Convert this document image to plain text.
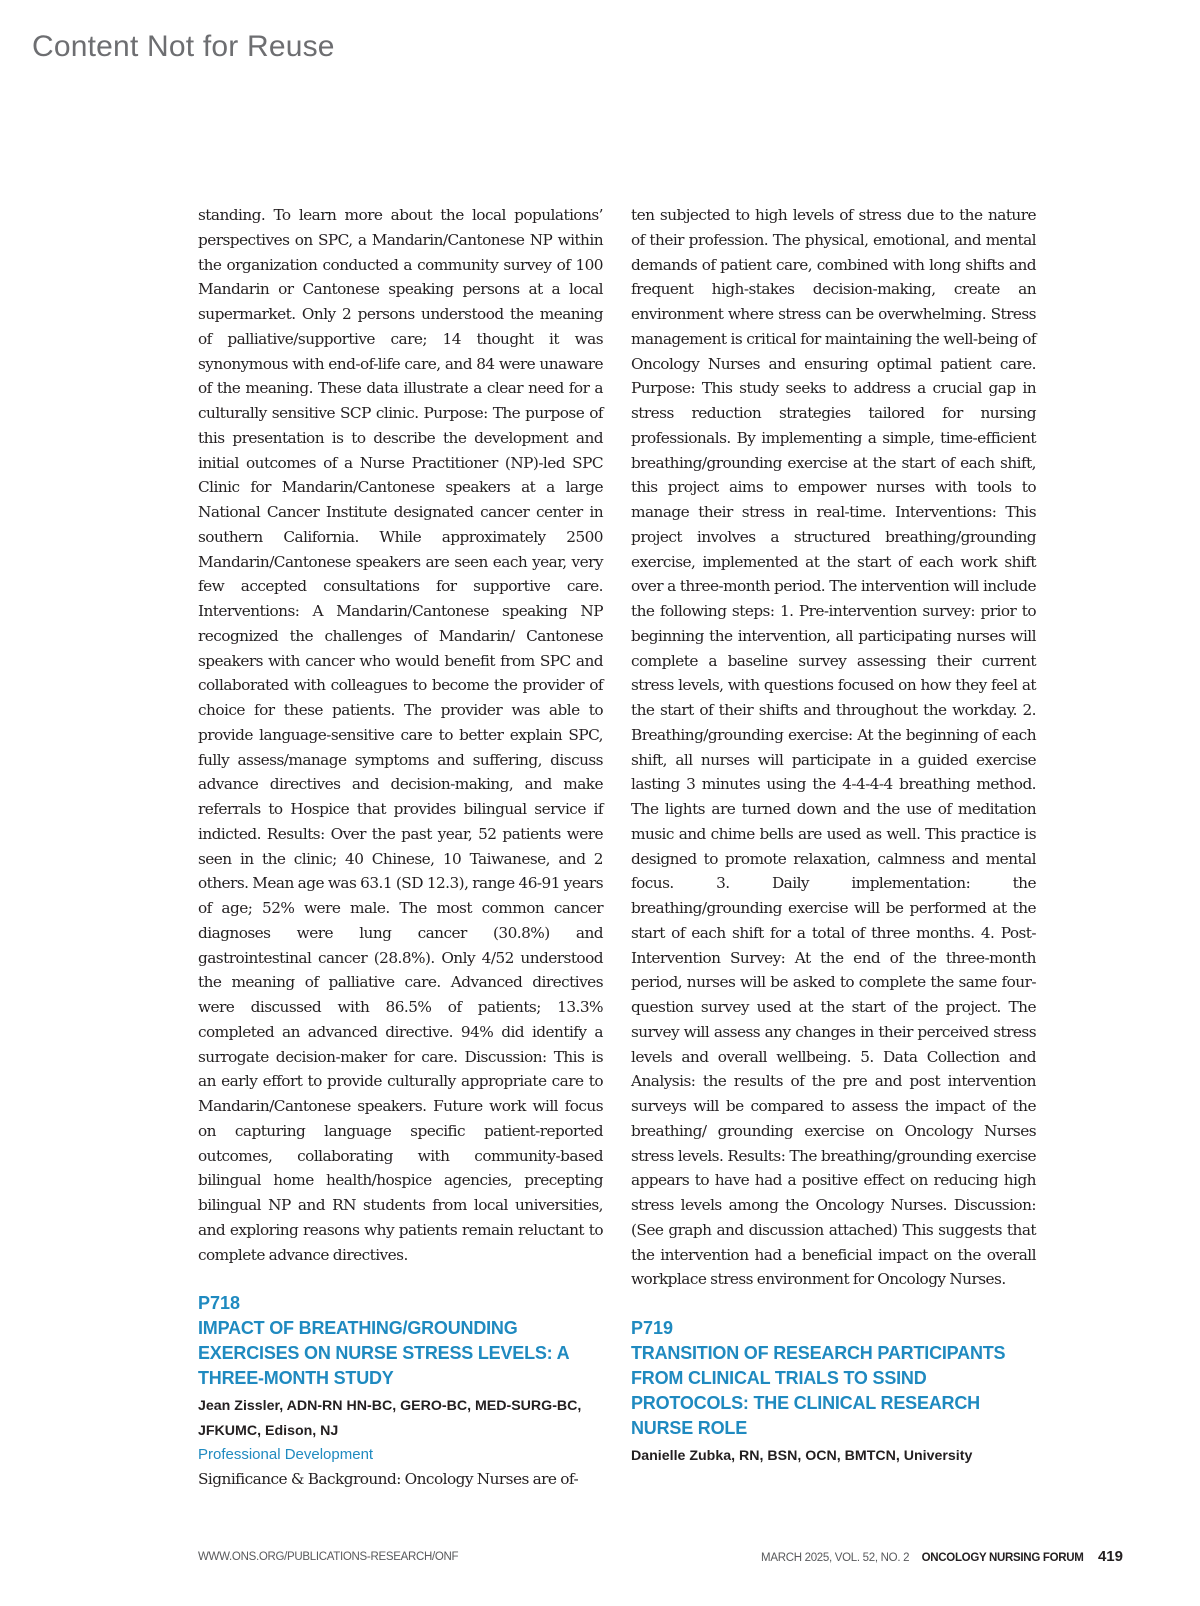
Content Not for Reuse

standing. To learn more about the local populations’ perspectives on SPC, a Mandarin/Cantonese NP within the organization conducted a community survey of 100 Mandarin or Cantonese speaking persons at a local supermarket. Only 2 persons understood the meaning of palliative/supportive care; 14 thought it was synonymous with end-of-life care, and 84 were unaware of the meaning. These data illustrate a clear need for a culturally sensitive SCP clinic. Purpose: The purpose of this presentation is to describe the development and initial outcomes of a Nurse Practitioner (NP)-led SPC Clinic for Mandarin/Cantonese speakers at a large National Cancer Institute designated cancer center in southern California. While approximately 2500 Mandarin/Cantonese speakers are seen each year, very few accepted consultations for supportive care. Interventions: A Mandarin/Cantonese speaking NP recognized the challenges of Mandarin/ Cantonese speakers with cancer who would benefit from SPC and collaborated with colleagues to become the provider of choice for these patients. The provider was able to provide language-sensitive care to better explain SPC, fully assess/manage symptoms and suffering, discuss advance directives and decision-making, and make referrals to Hospice that provides bilingual service if indicted. Results: Over the past year, 52 patients were seen in the clinic; 40 Chinese, 10 Taiwanese, and 2 others. Mean age was 63.1 (SD 12.3), range 46-91 years of age; 52% were male. The most common cancer diagnoses were lung cancer (30.8%) and gastrointestinal cancer (28.8%). Only 4/52 understood the meaning of palliative care. Advanced directives were discussed with 86.5% of patients; 13.3% completed an advanced directive. 94% did identify a surrogate decision-maker for care. Discussion: This is an early effort to provide culturally appropriate care to Mandarin/Cantonese speakers. Future work will focus on capturing language specific patient-reported outcomes, collaborating with community-based bilingual home health/hospice agencies, precepting bilingual NP and RN students from local universities, and exploring reasons why patients remain reluctant to complete advance directives.

P718

IMPACT OF BREATHING/GROUNDING EXERCISES ON NURSE STRESS LEVELS: A THREE-MONTH STUDY

Jean Zissler, ADN-RN HN-BC, GERO-BC, MED-SURG-BC, JFKUMC, Edison, NJ

Professional Development

Significance & Background: Oncology Nurses are of-

ten subjected to high levels of stress due to the nature of their profession. The physical, emotional, and mental demands of patient care, combined with long shifts and frequent high-stakes decision-making, create an environment where stress can be overwhelming. Stress management is critical for maintaining the well-being of Oncology Nurses and ensuring optimal patient care. Purpose: This study seeks to address a crucial gap in stress reduction strategies tailored for nursing professionals. By implementing a simple, time-efficient breathing/grounding exercise at the start of each shift, this project aims to empower nurses with tools to manage their stress in real-time. Interventions: This project involves a structured breathing/grounding exercise, implemented at the start of each work shift over a three-month period. The intervention will include the following steps: 1. Pre-intervention survey: prior to beginning the intervention, all participating nurses will complete a baseline survey assessing their current stress levels, with questions focused on how they feel at the start of their shifts and throughout the workday. 2. Breathing/grounding exercise: At the beginning of each shift, all nurses will participate in a guided exercise lasting 3 minutes using the 4-4-4-4 breathing method. The lights are turned down and the use of meditation music and chime bells are used as well. This practice is designed to promote relaxation, calmness and mental focus. 3. Daily implementation: the breathing/grounding exercise will be performed at the start of each shift for a total of three months. 4. Post-Intervention Survey: At the end of the three-month period, nurses will be asked to complete the same four-question survey used at the start of the project. The survey will assess any changes in their perceived stress levels and overall wellbeing. 5. Data Collection and Analysis: the results of the pre and post intervention surveys will be compared to assess the impact of the breathing/ grounding exercise on Oncology Nurses stress levels. Results: The breathing/grounding exercise appears to have had a positive effect on reducing high stress levels among the Oncology Nurses. Discussion: (See graph and discussion attached) This suggests that the intervention had a beneficial impact on the overall workplace stress environment for Oncology Nurses.

P719

TRANSITION OF RESEARCH PARTICIPANTS FROM CLINICAL TRIALS TO SSIND PROTOCOLS: THE CLINICAL RESEARCH NURSE ROLE

Danielle Zubka, RN, BSN, OCN, BMTCN, University

WWW.ONS.ORG/PUBLICATIONS-RESEARCH/ONF	MARCH 2025, VOL. 52, NO. 2 ONCOLOGY NURSING FORUM 419
